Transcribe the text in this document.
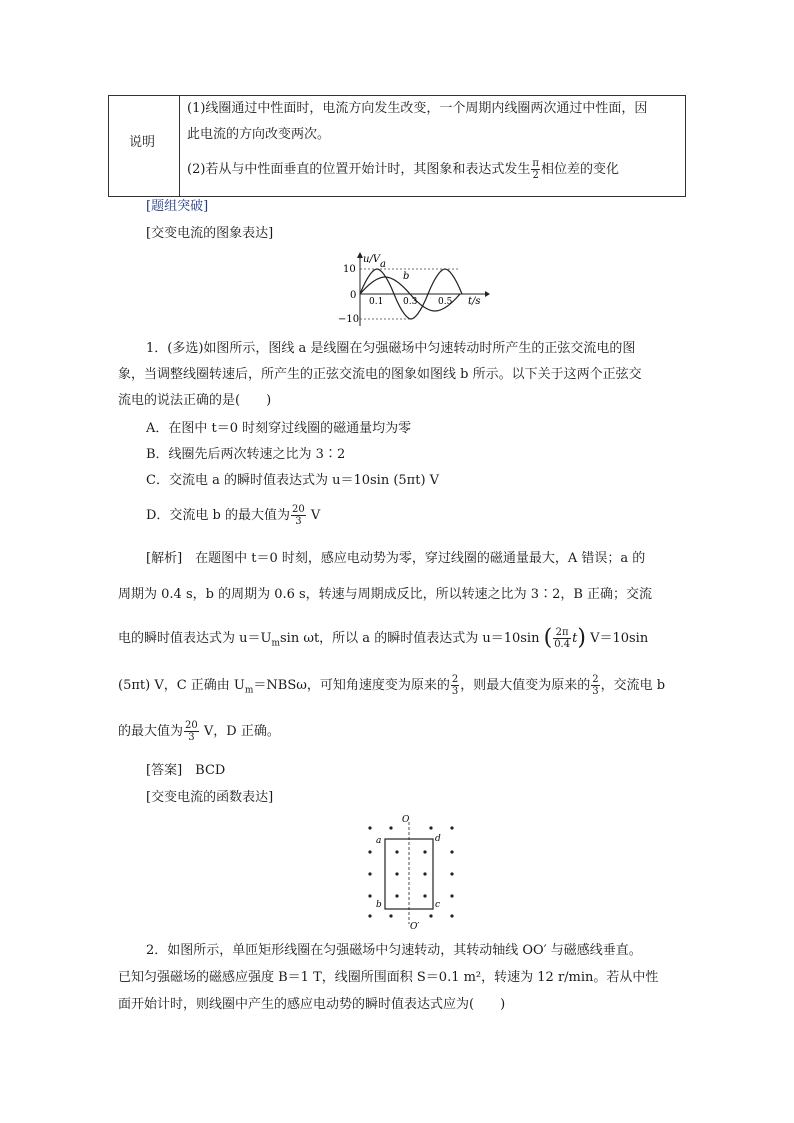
说明
(1)线圈通过中性面时，电流方向发生改变，一个周期内线圈两次通过中性面，因
此电流的方向改变两次。
(2)若从与中性面垂直的位置开始计时，其图象和表达式发生 $\frac{\pi}{2}$ 相位差的变化
[题组突破]
[交变电流的图象表达]
u/V
t/s
10
0
−10
0.1 0.3 0.5
a
b
1．(多选)如图所示，图线 a 是线圈在匀强磁场中匀速转动时所产生的正弦交流电的图
象，当调整线圈转速后，所产生的正弦交流电的图象如图线 b 所示。以下关于这两个正弦交
流电的说法正确的是(　　)
A．在图中 t＝0 时刻穿过线圈的磁通量均为零
B．线圈先后两次转速之比为 3∶2
C．交流电 a 的瞬时值表达式为 u＝10sin (5πt) V
D．交流电 b 的最大值为 $\frac{20}{3}$ V
[解析]　在题图中 t＝0 时刻，感应电动势为零，穿过线圈的磁通量最大，A 错误；a 的
周期为 0.4 s，b 的周期为 0.6 s，转速与周期成反比，所以转速之比为 3∶2，B 正确；交流
电的瞬时值表达式为 $u=U_m\sin$ ωt，所以 a 的瞬时值表达式为 u＝10sin ( $\frac{2\pi}{0.4} t$) V＝10sin
(5πt) V，C 正确由 $U_m=NBS\omega$，可知角速度变为原来的 $\frac{2}{3}$ ，则最大值变为原来的 $\frac{2}{3}$ ，交流电 b
的最大值为 $\frac{20}{3}$ V，D 正确。
[答案]　BCD
[交变电流的函数表达]
O
O′
a	d
b	c
2．如图所示，单匝矩形线圈在匀强磁场中匀速转动，其转动轴线 OO′ 与磁感线垂直。
已知匀强磁场的磁感应强度 B＝1 T，线圈所围面积 S＝0.1 m²，转速为 12 r/min。若从中性
面开始计时，则线圈中产生的感应电动势的瞬时值表达式应为(　　)
